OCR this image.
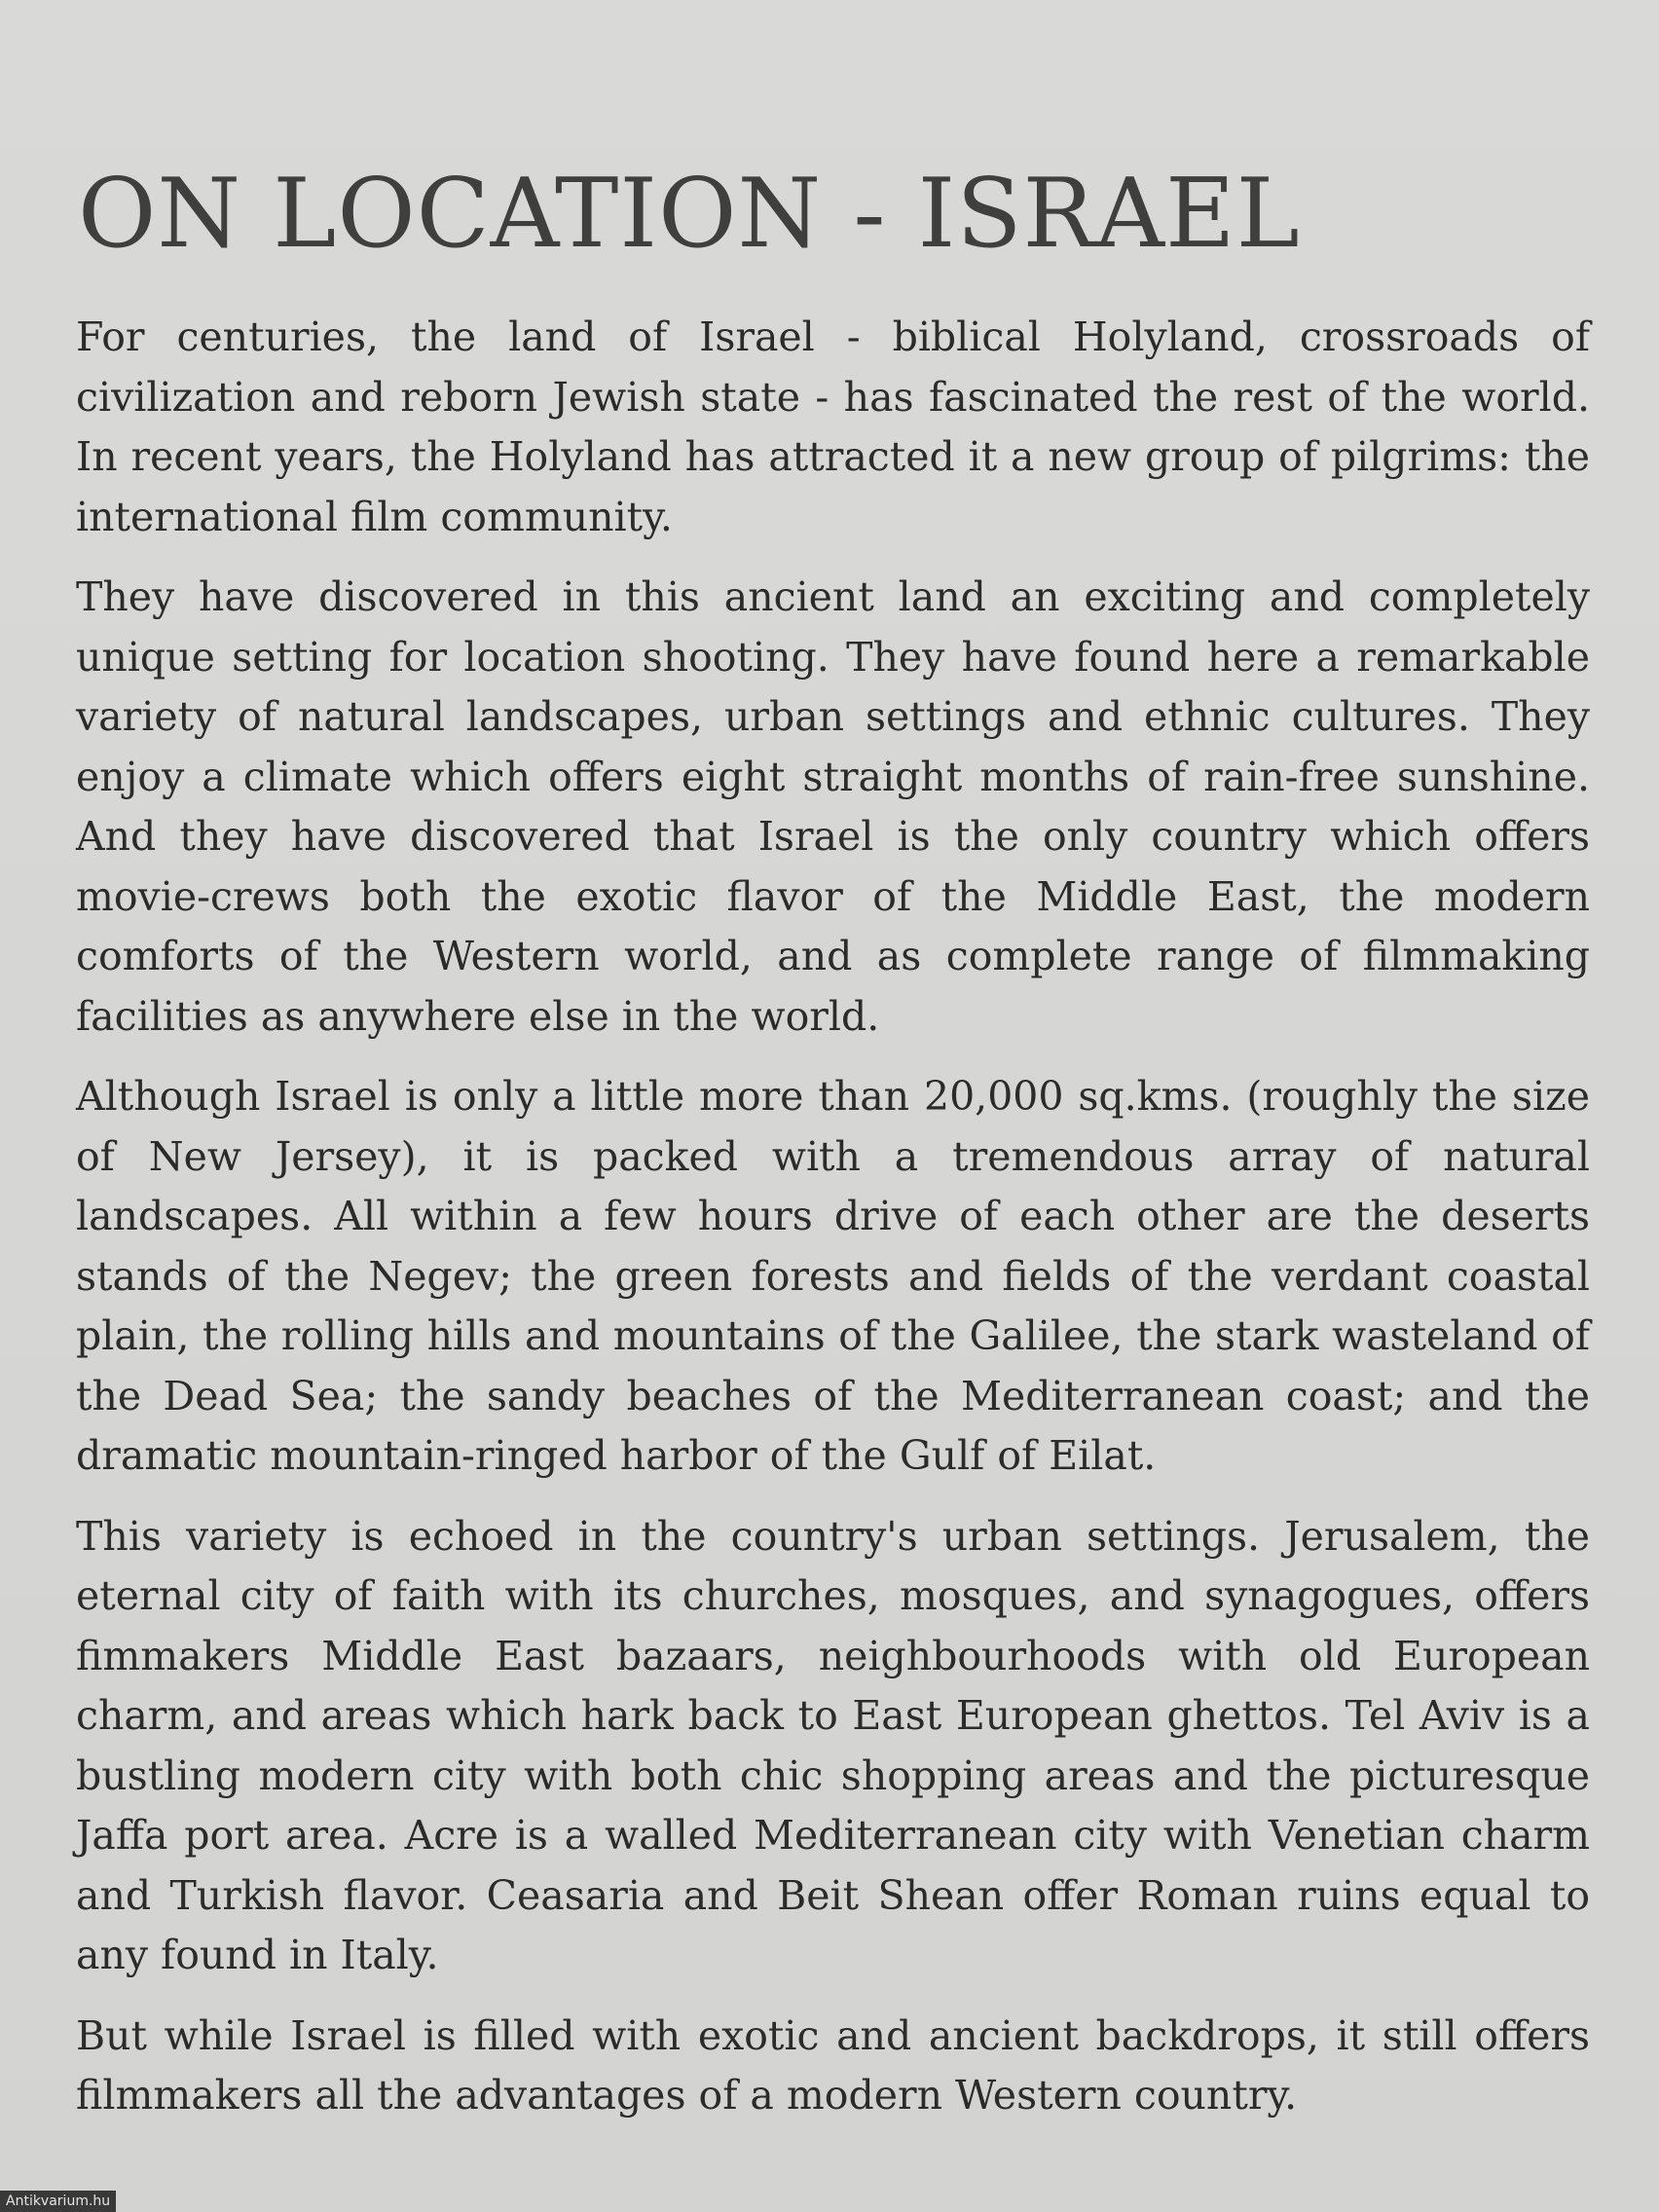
ON LOCATION - ISRAEL

For centuries, the land of Israel - biblical Holyland, crossroads of civilization and reborn Jewish state - has fascinated the rest of the world. In recent years, the Holyland has attracted it a new group of pilgrims: the international film community.

They have discovered in this ancient land an exciting and completely unique setting for location shooting. They have found here a remarkable variety of natural landscapes, urban settings and ethnic cultures. They enjoy a climate which offers eight straight months of rain-free sunshine. And they have discovered that Israel is the only country which offers movie-crews both the exotic flavor of the Middle East, the modern comforts of the Western world, and as complete range of filmmaking facilities as anywhere else in the world.

Although Israel is only a little more than 20,000 sq.kms. (roughly the size of New Jersey), it is packed with a tremendous array of natural landscapes. All within a few hours drive of each other are the deserts stands of the Negev; the green forests and fields of the verdant coastal plain, the rolling hills and mountains of the Galilee, the stark wasteland of the Dead Sea; the sandy beaches of the Mediterranean coast; and the dramatic mountain-ringed harbor of the Gulf of Eilat.

This variety is echoed in the country's urban settings. Jerusalem, the eternal city of faith with its churches, mosques, and synagogues, offers fimmakers Middle East bazaars, neighbourhoods with old European charm, and areas which hark back to East European ghettos. Tel Aviv is a bustling modern city with both chic shopping areas and the picturesque Jaffa port area. Acre is a walled Mediterranean city with Venetian charm and Turkish flavor. Ceasaria and Beit Shean offer Roman ruins equal to any found in Italy.

But while Israel is filled with exotic and ancient backdrops, it still offers filmmakers all the advantages of a modern Western country.

Antikvarium.hu
